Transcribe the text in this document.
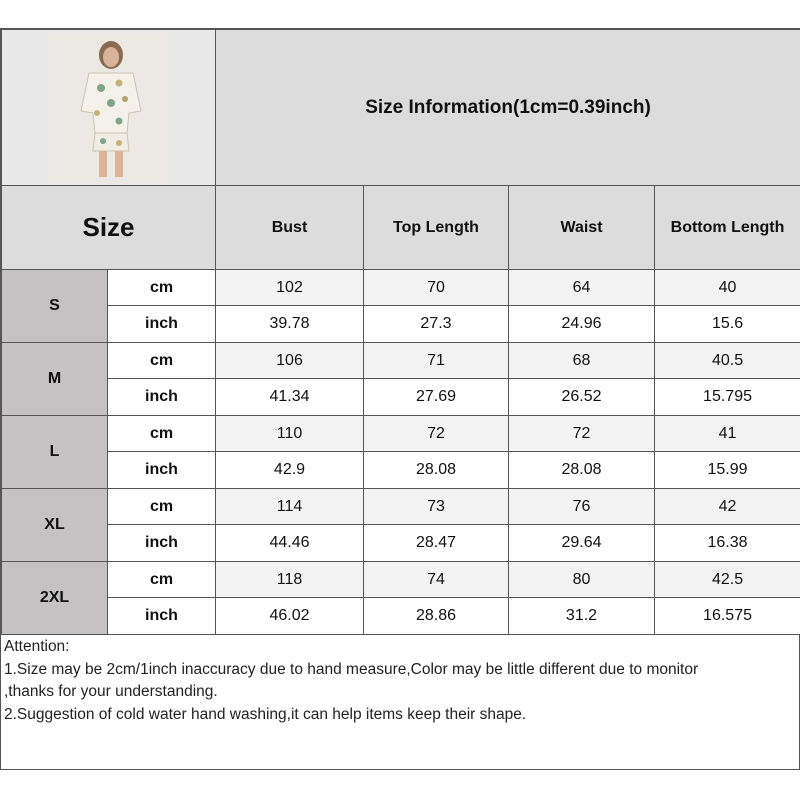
	Size Information(1cm=0.39inch)			
Size		Bust	Top Length	Waist	Bottom Length
S	cm	102	70	64	40
	inch	39.78	27.3	24.96	15.6
M	cm	106	71	68	40.5
	inch	41.34	27.69	26.52	15.795
L	cm	110	72	72	41
	inch	42.9	28.08	28.08	15.99
XL	cm	114	73	76	42
	inch	44.46	28.47	29.64	16.38
2XL	cm	118	74	80	42.5
	inch	46.02	28.86	31.2	16.575
Attention:
1.Size may be 2cm/1inch inaccuracy due to hand measure,Color may be little different due to monitor
,thanks for your understanding.
2.Suggestion of cold water hand washing,it can help items keep their shape.
